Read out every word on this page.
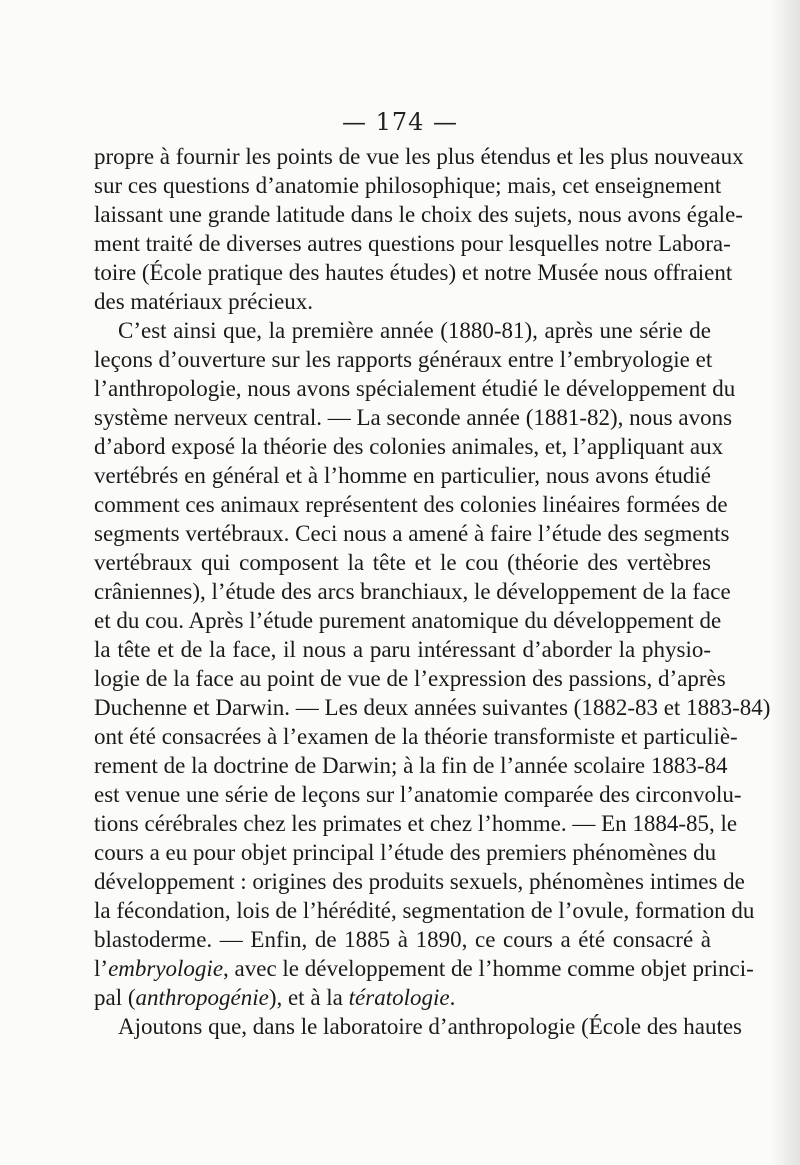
— 174 —
propre à fournir les points de vue les plus étendus et les plus nouveaux
sur ces questions d’anatomie philosophique; mais, cet enseignement
laissant une grande latitude dans le choix des sujets, nous avons égale-
ment traité de diverses autres questions pour lesquelles notre Labora-
toire (École pratique des hautes études) et notre Musée nous offraient
des matériaux précieux.
C’est ainsi que, la première année (1880-81), après une série de
leçons d’ouverture sur les rapports généraux entre l’embryologie et
l’anthropologie, nous avons spécialement étudié le développement du
système nerveux central. — La seconde année (1881-82), nous avons
d’abord exposé la théorie des colonies animales, et, l’appliquant aux
vertébrés en général et à l’homme en particulier, nous avons étudié
comment ces animaux représentent des colonies linéaires formées de
segments vertébraux. Ceci nous a amené à faire l’étude des segments
vertébraux qui composent la tête et le cou (théorie des vertèbres
crâniennes), l’étude des arcs branchiaux, le développement de la face
et du cou. Après l’étude purement anatomique du développement de
la tête et de la face, il nous a paru intéressant d’aborder la physio-
logie de la face au point de vue de l’expression des passions, d’après
Duchenne et Darwin. — Les deux années suivantes (1882-83 et 1883-84)
ont été consacrées à l’examen de la théorie transformiste et particuliè-
rement de la doctrine de Darwin; à la fin de l’année scolaire 1883-84
est venue une série de leçons sur l’anatomie comparée des circonvolu-
tions cérébrales chez les primates et chez l’homme. — En 1884-85, le
cours a eu pour objet principal l’étude des premiers phénomènes du
développement : origines des produits sexuels, phénomènes intimes de
la fécondation, lois de l’hérédité, segmentation de l’ovule, formation du
blastoderme. — Enfin, de 1885 à 1890, ce cours a été consacré à
l’embryologie, avec le développement de l’homme comme objet princi-
pal (anthropogénie), et à la tératologie.
Ajoutons que, dans le laboratoire d’anthropologie (École des hautes
